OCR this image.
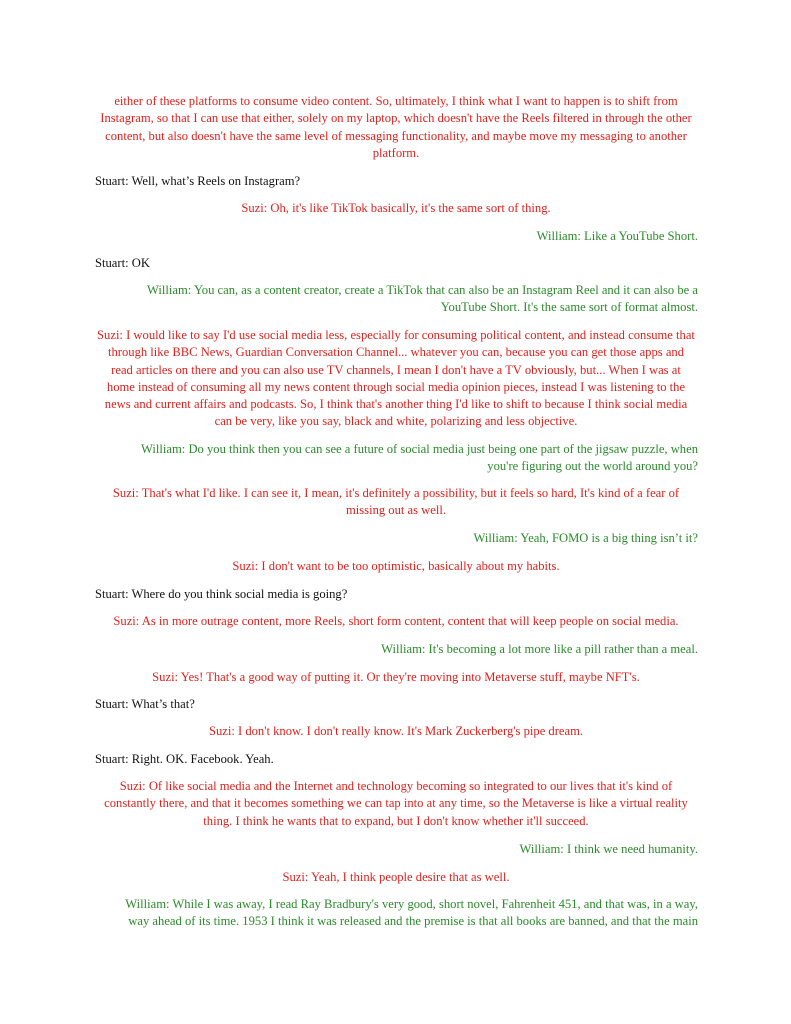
either of these platforms to consume video content. So, ultimately, I think what I want to happen is to shift from Instagram, so that I can use that either, solely on my laptop, which doesn't have the Reels filtered in through the other content, but also doesn't have the same level of messaging functionality, and maybe move my messaging to another platform.

Stuart: Well, what’s Reels on Instagram?

Suzi: Oh, it's like TikTok basically, it's the same sort of thing.

William: Like a YouTube Short.

Stuart: OK

William: You can, as a content creator, create a TikTok that can also be an Instagram Reel and it can also be a YouTube Short. It's the same sort of format almost.

Suzi: I would like to say I'd use social media less, especially for consuming political content, and instead consume that through like BBC News, Guardian Conversation Channel... whatever you can, because you can get those apps and read articles on there and you can also use TV channels, I mean I don't have a TV obviously, but... When I was at home instead of consuming all my news content through social media opinion pieces, instead I was listening to the news and current affairs and podcasts. So, I think that's another thing I'd like to shift to because I think social media can be very, like you say, black and white, polarizing and less objective.

William: Do you think then you can see a future of social media just being one part of the jigsaw puzzle, when you're figuring out the world around you?

Suzi: That's what I'd like. I can see it, I mean, it's definitely a possibility, but it feels so hard, It's kind of a fear of missing out as well.

William: Yeah, FOMO is a big thing isn’t it?

Suzi: I don't want to be too optimistic, basically about my habits.

Stuart: Where do you think social media is going?

Suzi: As in more outrage content, more Reels, short form content, content that will keep people on social media.

William: It's becoming a lot more like a pill rather than a meal.

Suzi: Yes! That's a good way of putting it. Or they're moving into Metaverse stuff, maybe NFT's.

Stuart: What’s that?

Suzi: I don't know. I don't really know. It's Mark Zuckerberg's pipe dream.

Stuart: Right. OK. Facebook. Yeah.

Suzi: Of like social media and the Internet and technology becoming so integrated to our lives that it's kind of constantly there, and that it becomes something we can tap into at any time, so the Metaverse is like a virtual reality thing. I think he wants that to expand, but I don't know whether it'll succeed.

William: I think we need humanity.

Suzi: Yeah, I think people desire that as well.

William: While I was away, I read Ray Bradbury's very good, short novel, Fahrenheit 451, and that was, in a way, way ahead of its time. 1953 I think it was released and the premise is that all books are banned, and that the main
